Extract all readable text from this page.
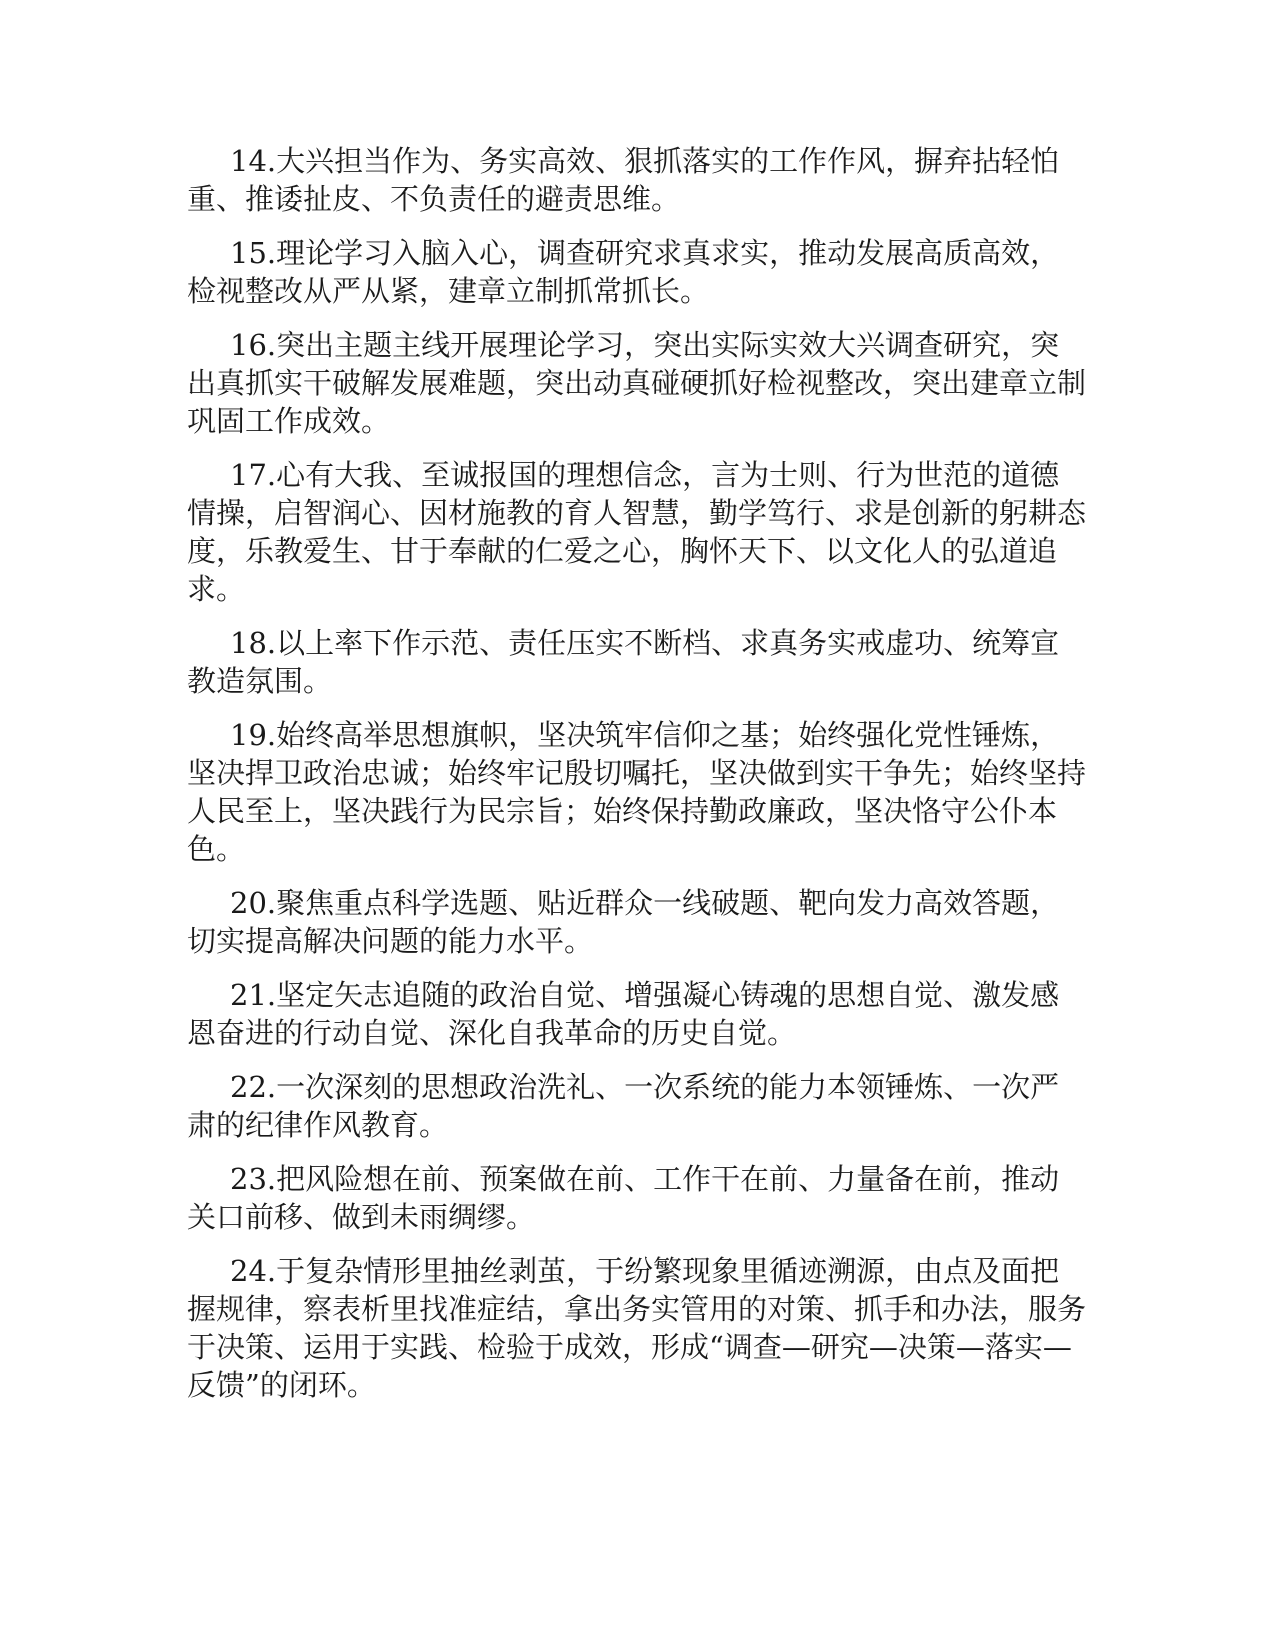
14.大兴担当作为、务实高效、狠抓落实的工作作风，摒弃拈轻怕重、推诿扯皮、不负责任的避责思维。

15.理论学习入脑入心，调查研究求真求实，推动发展高质高效，检视整改从严从紧，建章立制抓常抓长。

16.突出主题主线开展理论学习，突出实际实效大兴调查研究，突出真抓实干破解发展难题，突出动真碰硬抓好检视整改，突出建章立制巩固工作成效。

17.心有大我、至诚报国的理想信念，言为士则、行为世范的道德情操，启智润心、因材施教的育人智慧，勤学笃行、求是创新的躬耕态度，乐教爱生、甘于奉献的仁爱之心，胸怀天下、以文化人的弘道追求。

18.以上率下作示范、责任压实不断档、求真务实戒虚功、统筹宣教造氛围。

19.始终高举思想旗帜，坚决筑牢信仰之基；始终强化党性锤炼，坚决捍卫政治忠诚；始终牢记殷切嘱托，坚决做到实干争先；始终坚持人民至上，坚决践行为民宗旨；始终保持勤政廉政，坚决恪守公仆本色。

20.聚焦重点科学选题、贴近群众一线破题、靶向发力高效答题，切实提高解决问题的能力水平。

21.坚定矢志追随的政治自觉、增强凝心铸魂的思想自觉、激发感恩奋进的行动自觉、深化自我革命的历史自觉。

22.一次深刻的思想政治洗礼、一次系统的能力本领锤炼、一次严肃的纪律作风教育。

23.把风险想在前、预案做在前、工作干在前、力量备在前，推动关口前移、做到未雨绸缪。

24.于复杂情形里抽丝剥茧，于纷繁现象里循迹溯源，由点及面把握规律，察表析里找准症结，拿出务实管用的对策、抓手和办法，服务于决策、运用于实践、检验于成效，形成“调查—研究—决策—落实—反馈”的闭环。
